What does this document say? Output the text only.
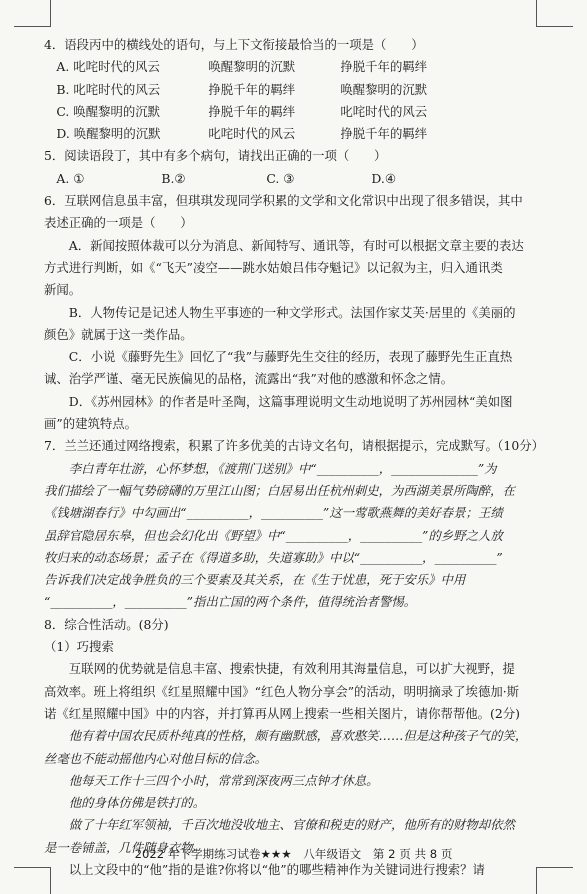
4．语段丙中的横线处的语句，与上下文衔接最恰当的一项是（　　）
A. 叱咤时代的风云	唤醒黎明的沉默	挣脱千年的羁绊
B. 叱咤时代的风云	挣脱千年的羁绊	唤醒黎明的沉默
C. 唤醒黎明的沉默	挣脱千年的羁绊	叱咤时代的风云
D. 唤醒黎明的沉默	叱咤时代的风云	挣脱千年的羁绊
5．阅读语段丁，其中有多个病句，请找出正确的一项（　　）
A. ①	B.②	C. ③	D.④
6．互联网信息虽丰富，但琪琪发现同学积累的文学和文化常识中出现了很多错误，其中
表述正确的一项是（　　）
A．新闻按照体裁可以分为消息、新闻特写、通讯等，有时可以根据文章主要的表达
方式进行判断，如《“飞天”凌空——跳水姑娘吕伟夺魁记》以记叙为主，归入通讯类
新闻。
B．人物传记是记述人物生平事迹的一种文学形式。法国作家艾芙·居里的《美丽的
颜色》就属于这一类作品。
C．小说《藤野先生》回忆了“我”与藤野先生交往的经历，表现了藤野先生正直热
诚、治学严谨、毫无民族偏见的品格，流露出“我”对他的感激和怀念之情。
D．《苏州园林》的作者是叶圣陶，这篇事理说明文生动地说明了苏州园林“美如图
画”的建筑特点。
7．兰兰还通过网络搜索，积累了许多优美的古诗文名句，请根据提示，完成默写。
（10分）
李白青年壮游，心怀梦想，《渡荆门送别》中“__________，______________”为
我们描绘了一幅气势磅礴的万里江山图；白居易出任杭州刺史，为西湖美景所陶醉，在
《钱塘湖春行》中勾画出“__________，__________”这一莺歌燕舞的美好春景；王绩
虽辞官隐居东皋，但也会幻化出《野望》中“__________，__________”的乡野之人放
牧归来的动态场景；孟子在《得道多助，失道寡助》中以“__________，__________”
告诉我们决定战争胜负的三个要素及其关系，在《生于忧患，死于安乐》中用
“__________，__________”指出亡国的两个条件，值得统治者警惕。
8．综合性活动。(8分)
（1）巧搜索
互联网的优势就是信息丰富、搜索快捷，有效利用其海量信息，可以扩大视野，提
高效率。班上将组织《红星照耀中国》“红色人物分享会”的活动，明明摘录了埃德加·斯
诺《红星照耀中国》中的内容，并打算再从网上搜索一些相关图片，请你帮帮他。(2分)
他有着中国农民质朴纯真的性格，颇有幽默感，喜欢憨笑……但是这种孩子气的笑，
丝毫也不能动摇他内心对他目标的信念。
他每天工作十三四个小时，常常到深夜两三点钟才休息。
他的身体仿佛是铁打的。
做了十年红军领袖，千百次地没收地主、官僚和税吏的财产，他所有的财物却依然
是一卷铺盖，几件随身衣物。
以上文段中的“他”指的是谁?你将以“他”的哪些精神作为关键词进行搜索？请
2022 年下学期练习试卷★★★　八年级语文　第 2 页 共 8 页
